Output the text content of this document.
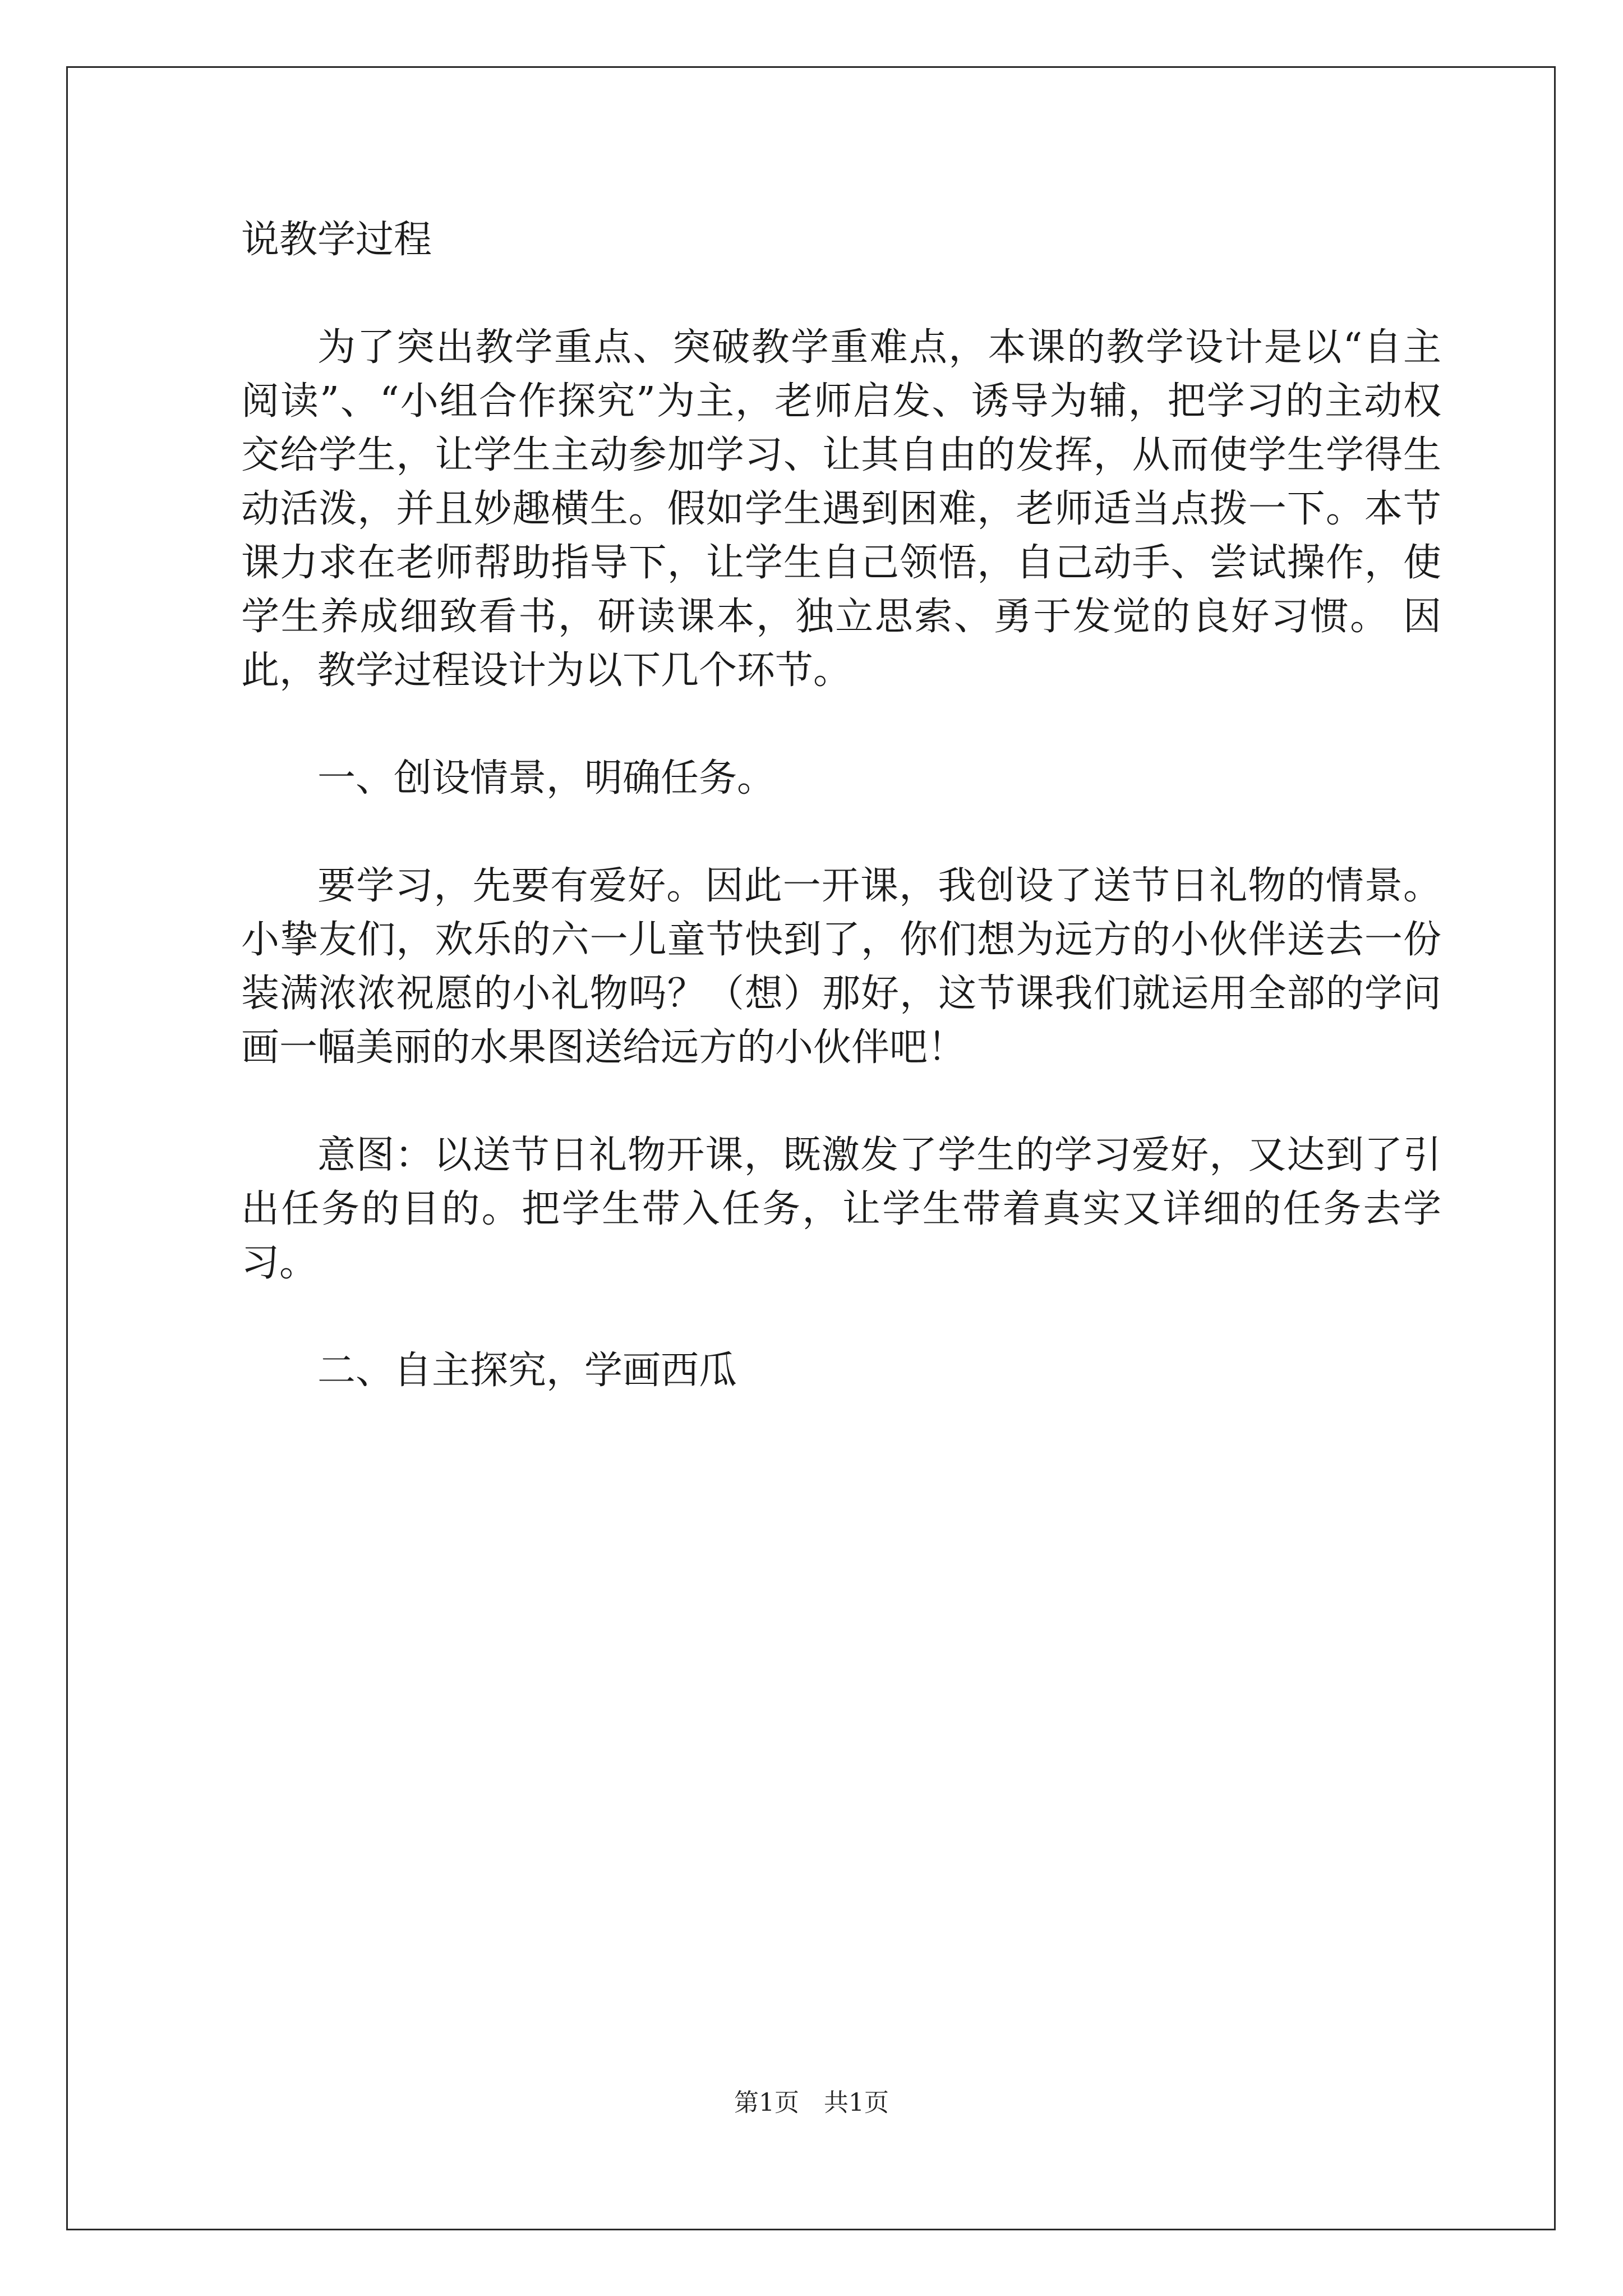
说教学过程

为了突出教学重点、突破教学重难点，本课的教学设计是以“自主阅读”、“小组合作探究”为主，老师启发、诱导为辅，把学习的主动权交给学生，让学生主动参加学习、让其自由的发挥，从而使学生学得生动活泼，并且妙趣横生。假如学生遇到困难，老师适当点拨一下。本节课力求在老师帮助指导下，让学生自己领悟，自己动手、尝试操作，使学生养成细致看书，研读课本，独立思索、勇于发觉的良好习惯。 因此，教学过程设计为以下几个环节。

一、创设情景，明确任务。

要学习，先要有爱好。因此一开课，我创设了送节日礼物的情景。小挚友们，欢乐的六一儿童节快到了，你们想为远方的小伙伴送去一份装满浓浓祝愿的小礼物吗？（想）那好，这节课我们就运用全部的学问画一幅美丽的水果图送给远方的小伙伴吧！

意图：以送节日礼物开课，既激发了学生的学习爱好，又达到了引出任务的目的。把学生带入任务，让学生带着真实又详细的任务去学习。

二、自主探究，学画西瓜

第1页　共1页
